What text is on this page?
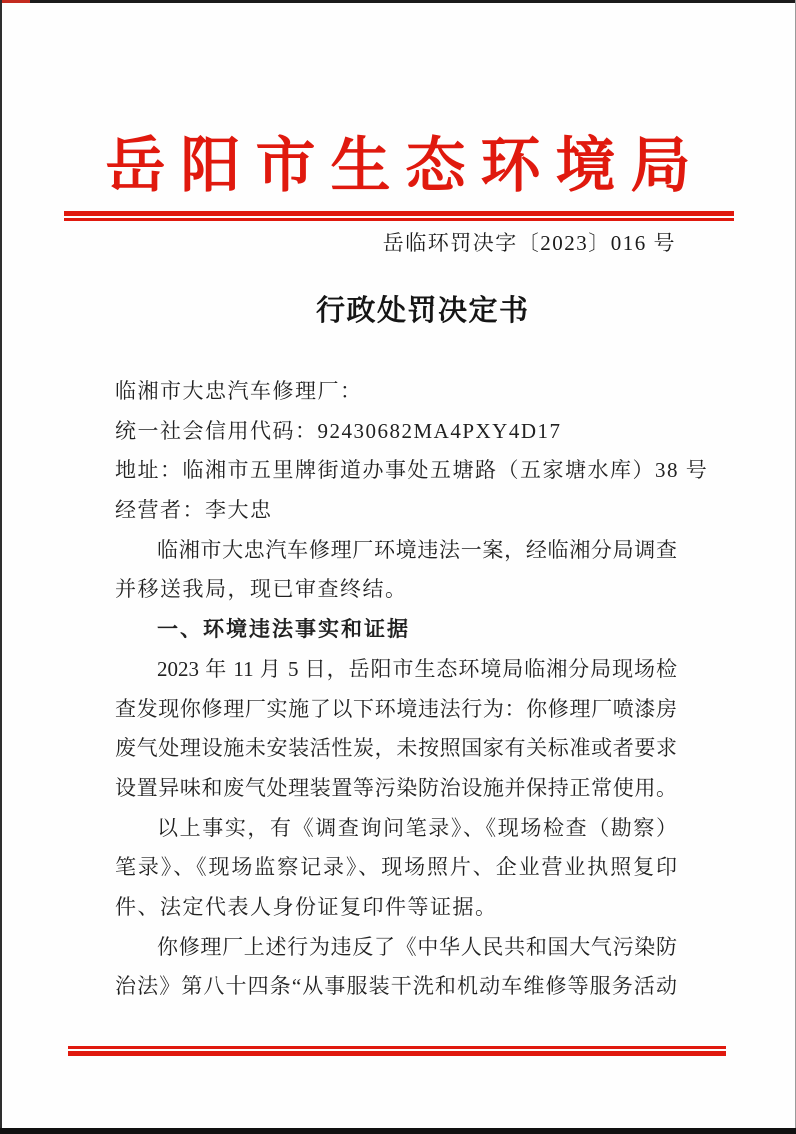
岳阳市生态环境局
岳临环罚决字〔2023〕016 号
行政处罚决定书
临湘市大忠汽车修理厂：
统一社会信用代码：92430682MA4PXY4D17
地址：临湘市五里牌街道办事处五塘路（五家塘水库）38 号
经营者：李大忠
临湘市大忠汽车修理厂环境违法一案，经临湘分局调查
并移送我局，现已审查终结。
一、环境违法事实和证据
2023 年 11 月 5 日，岳阳市生态环境局临湘分局现场检
查发现你修理厂实施了以下环境违法行为：你修理厂喷漆房
废气处理设施未安装活性炭，未按照国家有关标准或者要求
设置异味和废气处理装置等污染防治设施并保持正常使用。
以上事实，有《调查询问笔录》、《现场检查（勘察）
笔录》、《现场监察记录》、现场照片、企业营业执照复印
件、法定代表人身份证复印件等证据。
你修理厂上述行为违反了《中华人民共和国大气污染防
治法》第八十四条“从事服装干洗和机动车维修等服务活动
